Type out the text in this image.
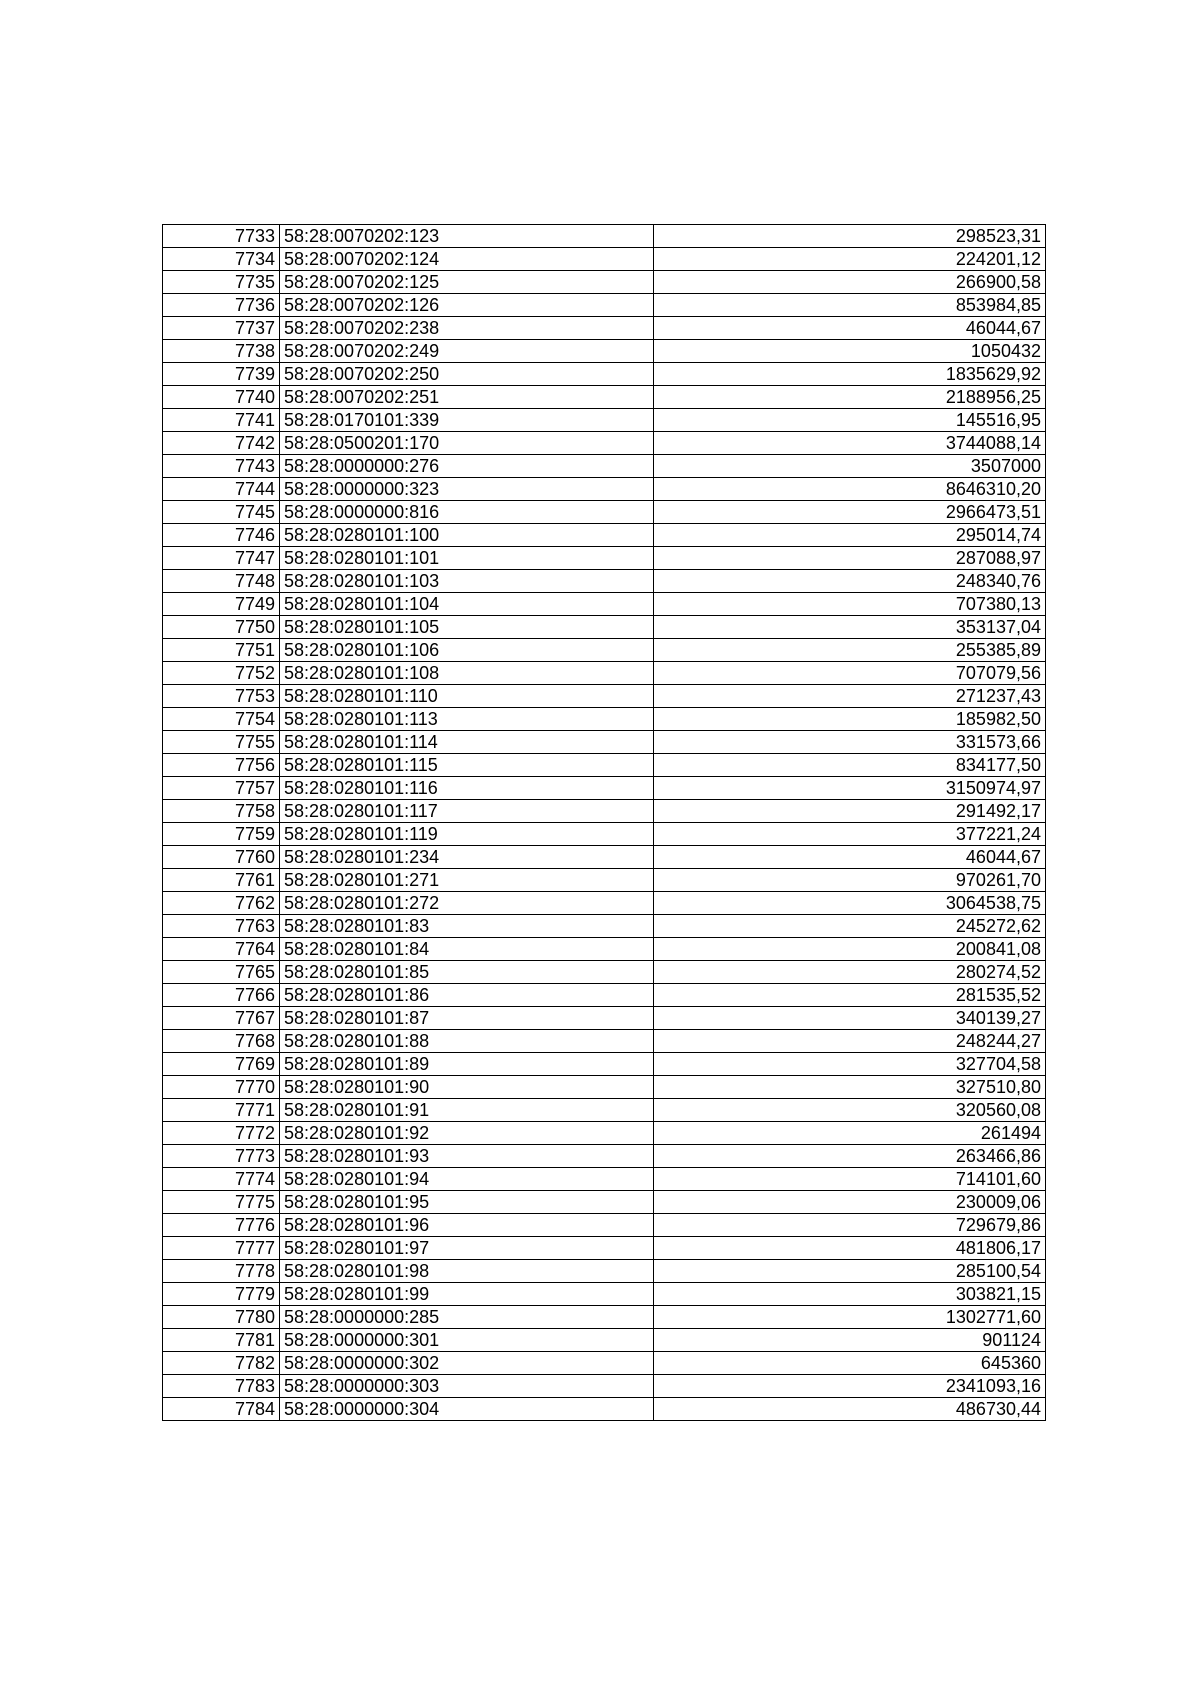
7733	58:28:0070202:123	298523,31
7734	58:28:0070202:124	224201,12
7735	58:28:0070202:125	266900,58
7736	58:28:0070202:126	853984,85
7737	58:28:0070202:238	46044,67
7738	58:28:0070202:249	1050432
7739	58:28:0070202:250	1835629,92
7740	58:28:0070202:251	2188956,25
7741	58:28:0170101:339	145516,95
7742	58:28:0500201:170	3744088,14
7743	58:28:0000000:276	3507000
7744	58:28:0000000:323	8646310,20
7745	58:28:0000000:816	2966473,51
7746	58:28:0280101:100	295014,74
7747	58:28:0280101:101	287088,97
7748	58:28:0280101:103	248340,76
7749	58:28:0280101:104	707380,13
7750	58:28:0280101:105	353137,04
7751	58:28:0280101:106	255385,89
7752	58:28:0280101:108	707079,56
7753	58:28:0280101:110	271237,43
7754	58:28:0280101:113	185982,50
7755	58:28:0280101:114	331573,66
7756	58:28:0280101:115	834177,50
7757	58:28:0280101:116	3150974,97
7758	58:28:0280101:117	291492,17
7759	58:28:0280101:119	377221,24
7760	58:28:0280101:234	46044,67
7761	58:28:0280101:271	970261,70
7762	58:28:0280101:272	3064538,75
7763	58:28:0280101:83	245272,62
7764	58:28:0280101:84	200841,08
7765	58:28:0280101:85	280274,52
7766	58:28:0280101:86	281535,52
7767	58:28:0280101:87	340139,27
7768	58:28:0280101:88	248244,27
7769	58:28:0280101:89	327704,58
7770	58:28:0280101:90	327510,80
7771	58:28:0280101:91	320560,08
7772	58:28:0280101:92	261494
7773	58:28:0280101:93	263466,86
7774	58:28:0280101:94	714101,60
7775	58:28:0280101:95	230009,06
7776	58:28:0280101:96	729679,86
7777	58:28:0280101:97	481806,17
7778	58:28:0280101:98	285100,54
7779	58:28:0280101:99	303821,15
7780	58:28:0000000:285	1302771,60
7781	58:28:0000000:301	901124
7782	58:28:0000000:302	645360
7783	58:28:0000000:303	2341093,16
7784	58:28:0000000:304	486730,44
